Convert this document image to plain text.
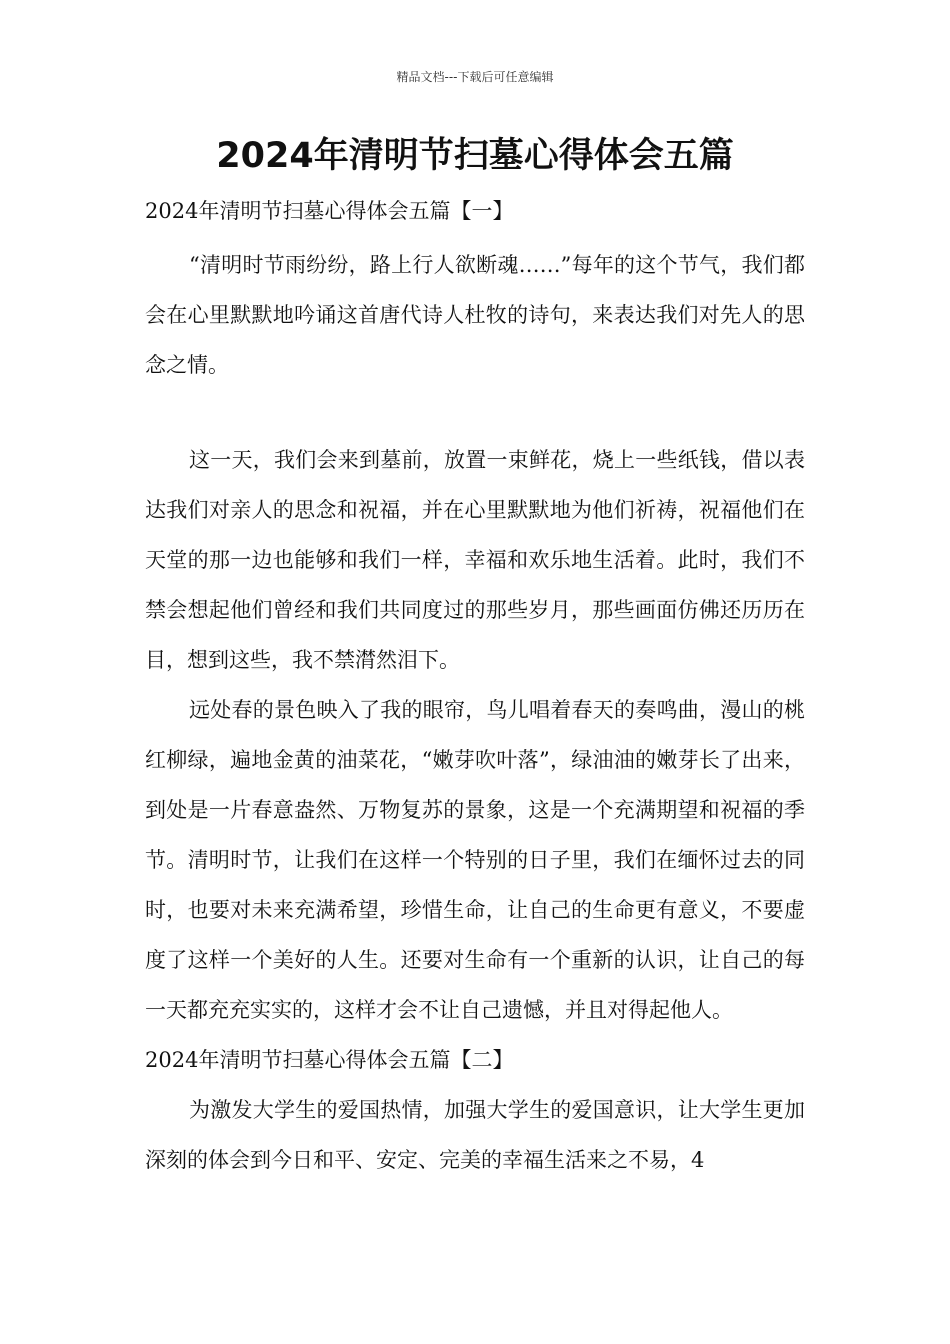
精品文档---下载后可任意编辑
2024年清明节扫墓心得体会五篇
2024年清明节扫墓心得体会五篇【一】

“清明时节雨纷纷，路上行人欲断魂……”每年的这个节气，我们都会在心里默默地吟诵这首唐代诗人杜牧的诗句，来表达我们对先人的思念之情。

这一天，我们会来到墓前，放置一束鲜花，烧上一些纸钱，借以表达我们对亲人的思念和祝福，并在心里默默地为他们祈祷，祝福他们在天堂的那一边也能够和我们一样，幸福和欢乐地生活着。此时，我们不禁会想起他们曾经和我们共同度过的那些岁月，那些画面仿佛还历历在目，想到这些，我不禁潸然泪下。

远处春的景色映入了我的眼帘，鸟儿唱着春天的奏鸣曲，漫山的桃红柳绿，遍地金黄的油菜花，“嫩芽吹叶落”，绿油油的嫩芽长了出来，到处是一片春意盎然、万物复苏的景象，这是一个充满期望和祝福的季节。清明时节，让我们在这样一个特别的日子里，我们在缅怀过去的同时，也要对未来充满希望，珍惜生命，让自己的生命更有意义，不要虚度了这样一个美好的人生。还要对生命有一个重新的认识，让自己的每一天都充充实实的，这样才会不让自己遗憾，并且对得起他人。

2024年清明节扫墓心得体会五篇【二】

为激发大学生的爱国热情，加强大学生的爱国意识，让大学生更加深刻的体会到今日和平、安定、完美的幸福生活来之不易，4
